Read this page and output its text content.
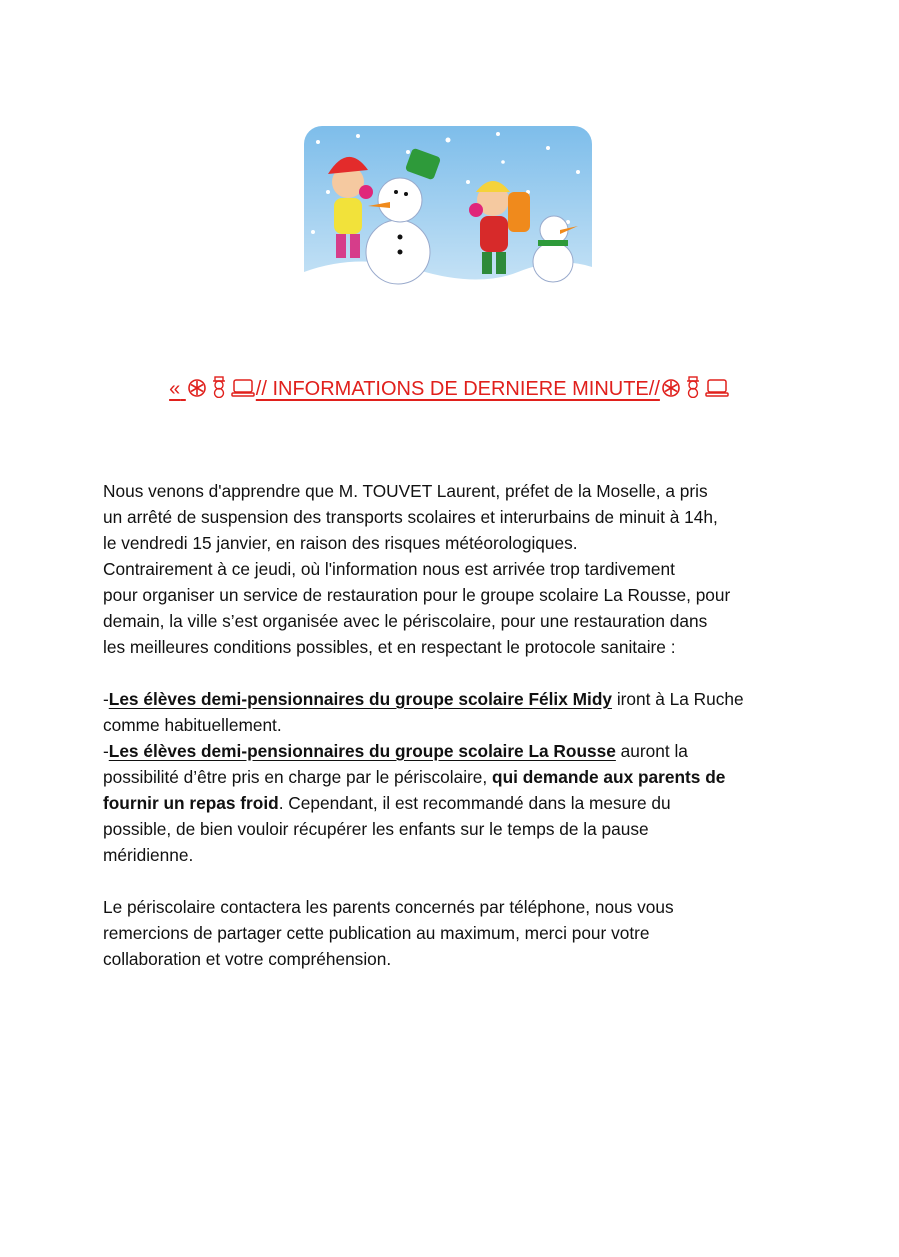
«	// INFORMATIONS DE DERNIERE MINUTE//

Nous venons d'apprendre que M. TOUVET Laurent, préfet de la Moselle, a pris

un arrêté de suspension des transports scolaires et interurbains de minuit à 14h,

le vendredi 15 janvier, en raison des risques météorologiques.

Contrairement à ce jeudi, où l'information nous est arrivée trop tardivement

pour organiser un service de restauration pour le groupe scolaire La Rousse, pour

demain, la ville s’est organisée avec le périscolaire, pour une restauration dans

les meilleures conditions possibles, et en respectant le protocole sanitaire :

-Les élèves demi-pensionnaires du groupe scolaire Félix Midy iront à La Ruche

comme habituellement.

-Les élèves demi-pensionnaires du groupe scolaire La Rousse auront la

possibilité d’être pris en charge par le périscolaire, qui demande aux parents de

fournir un repas froid. Cependant, il est recommandé dans la mesure du

possible, de bien vouloir récupérer les enfants sur le temps de la pause

méridienne.

Le périscolaire contactera les parents concernés par téléphone, nous vous

remercions de partager cette publication au maximum, merci pour votre

collaboration et votre compréhension.
